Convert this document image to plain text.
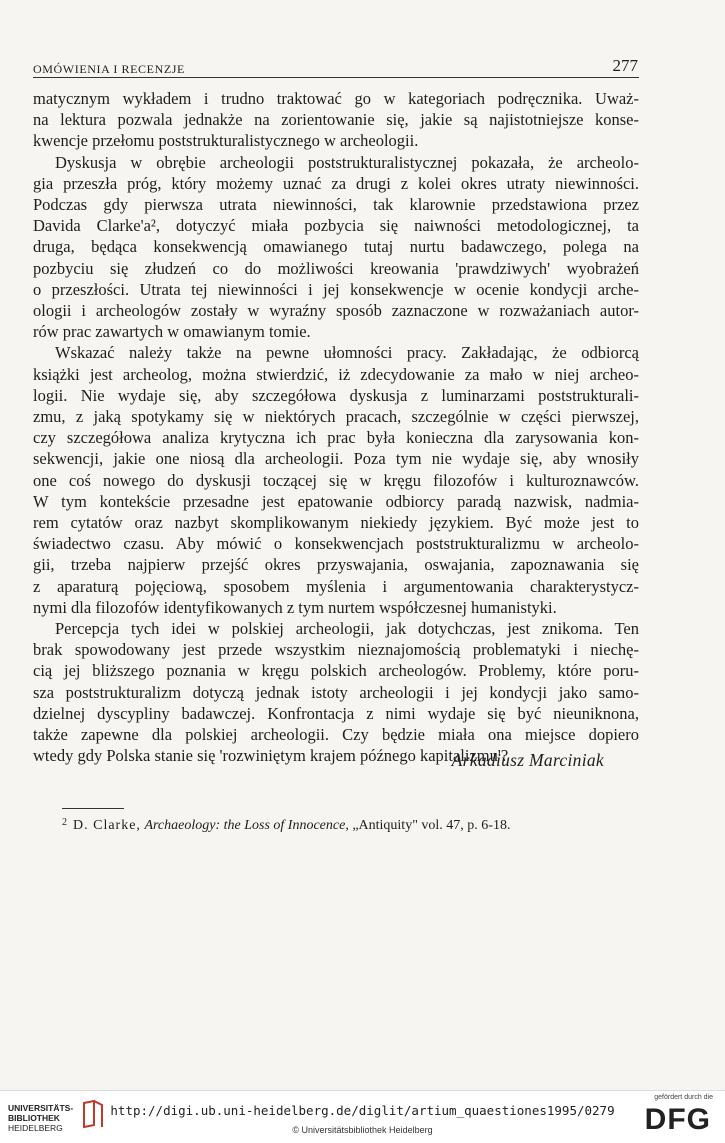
OMÓWIENIA I RECENZJE	277
matycznym wykładem i trudno traktować go w kategoriach podręcznika. Uważ-
na lektura pozwala jednakże na zorientowanie się, jakie są najistotniejsze konse-
kwencje przełomu poststrukturalistycznego w archeologii.
Dyskusja w obrębie archeologii poststrukturalistycznej pokazała, że archeolo-
gia przeszła próg, który możemy uznać za drugi z kolei okres utraty niewinności.
Podczas gdy pierwsza utrata niewinności, tak klarownie przedstawiona przez
Davida Clarke'a², dotyczyć miała pozbycia się naiwności metodologicznej, ta
druga, będąca konsekwencją omawianego tutaj nurtu badawczego, polega na
pozbyciu się złudzeń co do możliwości kreowania 'prawdziwych' wyobrażeń
o przeszłości. Utrata tej niewinności i jej konsekwencje w ocenie kondycji arche-
ologii i archeologów zostały w wyraźny sposób zaznaczone w rozważaniach autor-
rów prac zawartych w omawianym tomie.
Wskazać należy także na pewne ułomności pracy. Zakładając, że odbiorcą
książki jest archeolog, można stwierdzić, iż zdecydowanie za mało w niej archeo-
logii. Nie wydaje się, aby szczegółowa dyskusja z luminarzami poststrukturali-
zmu, z jaką spotykamy się w niektórych pracach, szczególnie w części pierwszej,
czy szczegółowa analiza krytyczna ich prac była konieczna dla zarysowania kon-
sekwencji, jakie one niosą dla archeologii. Poza tym nie wydaje się, aby wnosiły
one coś nowego do dyskusji toczącej się w kręgu filozofów i kulturoznawców.
W tym kontekście przesadne jest epatowanie odbiorcy paradą nazwisk, nadmia-
rem cytatów oraz nazbyt skomplikowanym niekiedy językiem. Być może jest to
świadectwo czasu. Aby mówić o konsekwencjach poststrukturalizmu w archeolo-
gii, trzeba najpierw przejść okres przyswajania, oswajania, zapoznawania się
z aparaturą pojęciową, sposobem myślenia i argumentowania charakterystycz-
nymi dla filozofów identyfikowanych z tym nurtem współczesnej humanistyki.
Percepcja tych idei w polskiej archeologii, jak dotychczas, jest znikoma. Ten
brak spowodowany jest przede wszystkim nieznajomością problematyki i niechę-
cią jej bliższego poznania w kręgu polskich archeologów. Problemy, które poru-
sza poststrukturalizm dotyczą jednak istoty archeologii i jej kondycji jako samo-
dzielnej dyscypliny badawczej. Konfrontacja z nimi wydaje się być nieuniknona,
także zapewne dla polskiej archeologii. Czy będzie miała ona miejsce dopiero
wtedy gdy Polska stanie się 'rozwiniętym krajem późnego kapitalizmu'?
Arkadiusz Marciniak
$^2$ D. Clarke, Archaeology: the Loss of Innocence, „Antiquity" vol. 47, p. 6-18.
UNIVERSITÄTS-
BIBLIOTHEK
HEIDELBERG
http://digi.ub.uni-heidelberg.de/diglit/artium_quaestiones1995/0279
© Universitätsbibliothek Heidelberg
gefördert durch die
DFG
